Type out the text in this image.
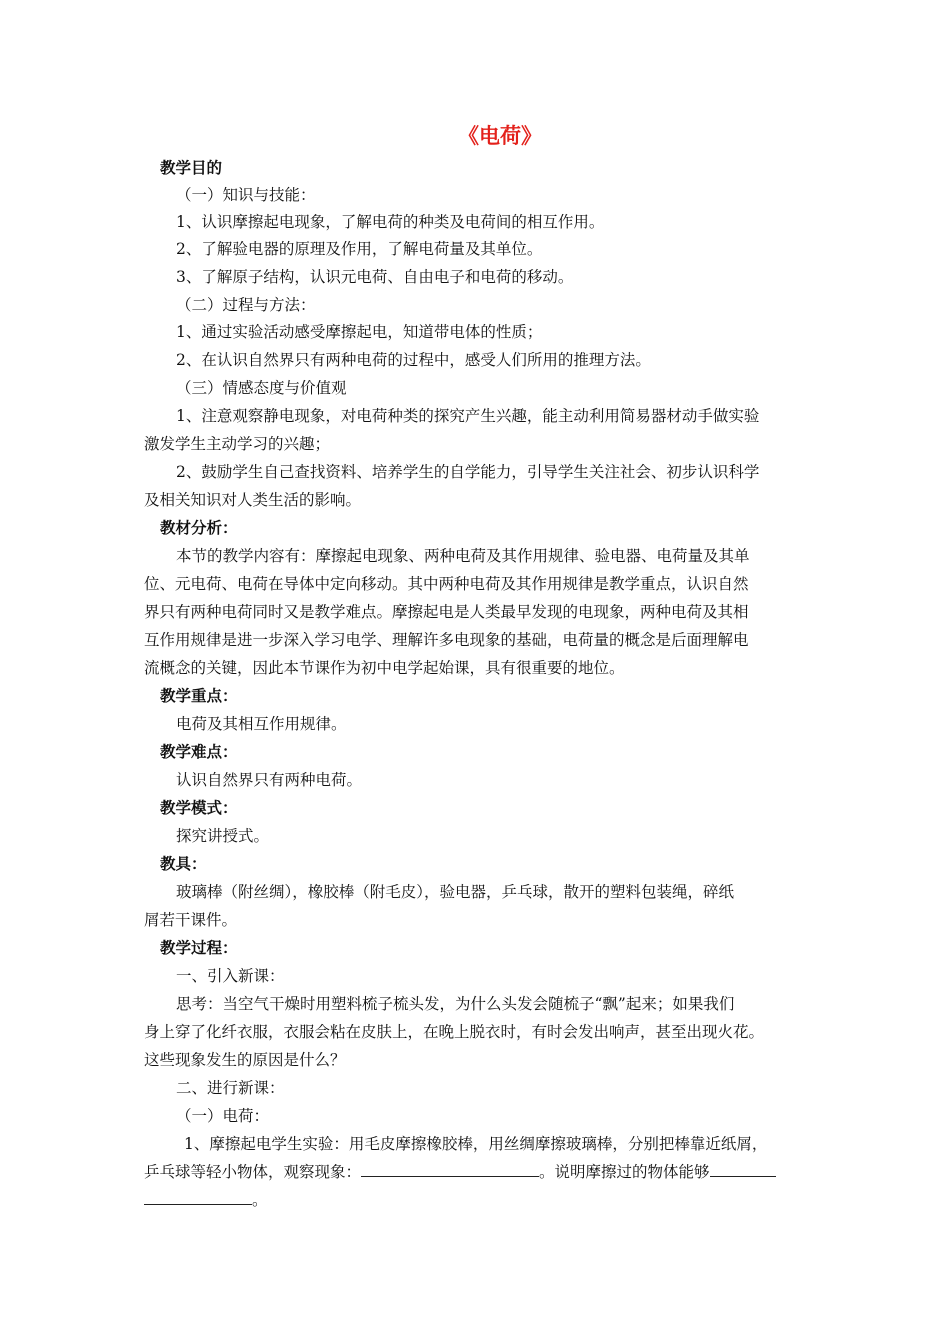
《电荷》
教学目的
（一）知识与技能：
1、认识摩擦起电现象，了解电荷的种类及电荷间的相互作用。
2、了解验电器的原理及作用，了解电荷量及其单位。
3、了解原子结构，认识元电荷、自由电子和电荷的移动。
（二）过程与方法：
1、通过实验活动感受摩擦起电，知道带电体的性质；
2、在认识自然界只有两种电荷的过程中，感受人们所用的推理方法。
（三）情感态度与价值观
1、注意观察静电现象，对电荷种类的探究产生兴趣，能主动利用简易器材动手做实验
激发学生主动学习的兴趣；
2、鼓励学生自己查找资料、培养学生的自学能力，引导学生关注社会、初步认识科学
及相关知识对人类生活的影响。
教材分析：
本节的教学内容有：摩擦起电现象、两种电荷及其作用规律、验电器、电荷量及其单
位、元电荷、电荷在导体中定向移动。其中两种电荷及其作用规律是教学重点，认识自然
界只有两种电荷同时又是教学难点。摩擦起电是人类最早发现的电现象，两种电荷及其相
互作用规律是进一步深入学习电学、理解许多电现象的基础，电荷量的概念是后面理解电
流概念的关键，因此本节课作为初中电学起始课，具有很重要的地位。
教学重点：
电荷及其相互作用规律。
教学难点：
认识自然界只有两种电荷。
教学模式：
探究讲授式。
教具：
玻璃棒（附丝绸），橡胶棒（附毛皮），验电器，乒乓球，散开的塑料包装绳，碎纸
屑若干课件。
教学过程：
一、引入新课：
思考：当空气干燥时用塑料梳子梳头发，为什么头发会随梳子“飘”起来；如果我们
身上穿了化纤衣服，衣服会粘在皮肤上，在晚上脱衣时，有时会发出响声，甚至出现火花。
这些现象发生的原因是什么？
二、进行新课：
（一）电荷：
1、摩擦起电学生实验：用毛皮摩擦橡胶棒，用丝绸摩擦玻璃棒，分别把棒靠近纸屑，
乒乓球等轻小物体，观察现象：	。说明摩擦过的物体能够
。
